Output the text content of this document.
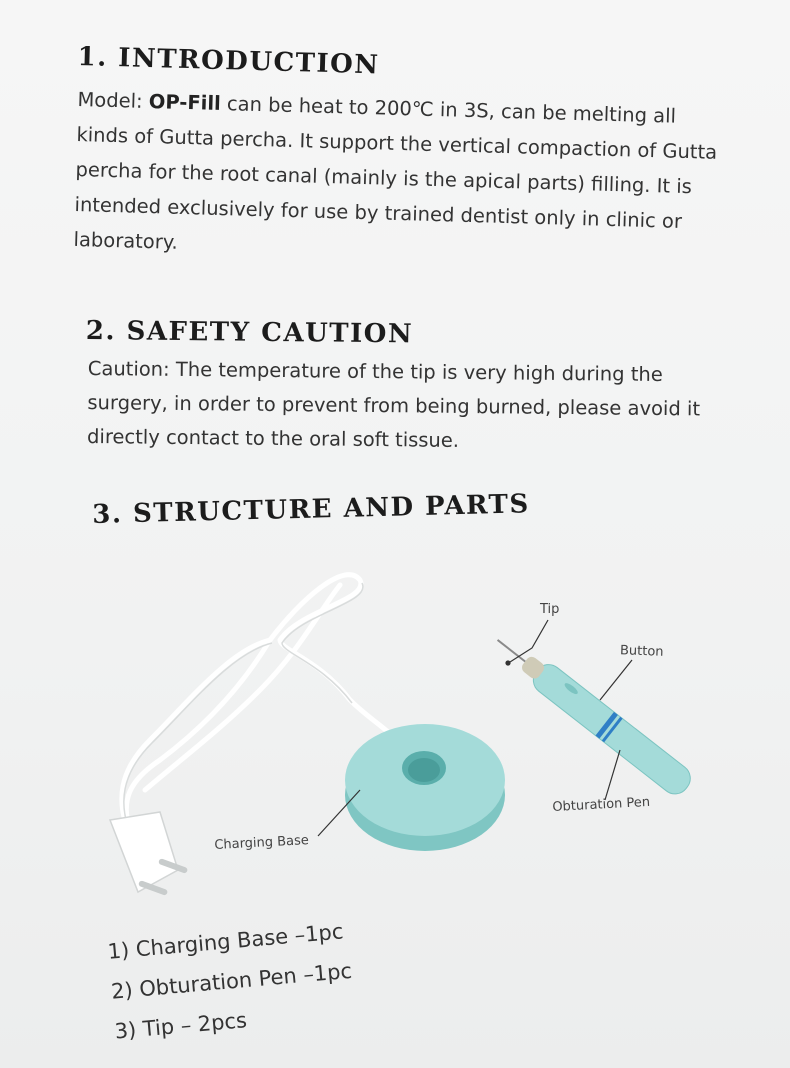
1. INTRODUCTION
Model: OP-Fill can be heat to 200℃ in 3S, can be melting all
kinds of Gutta percha. It support the vertical compaction of Gutta
percha for the root canal (mainly is the apical parts) filling. It is
intended exclusively for use by trained dentist only in clinic or
laboratory.
2. SAFETY CAUTION
Caution: The temperature of the tip is very high during the
surgery, in order to prevent from being burned, please avoid it
directly contact to the oral soft tissue.
3. STRUCTURE AND PARTS
Tip
Button
Obturation Pen
Charging Base
1) Charging Base –1pc
2) Obturation Pen –1pc
3) Tip – 2pcs
